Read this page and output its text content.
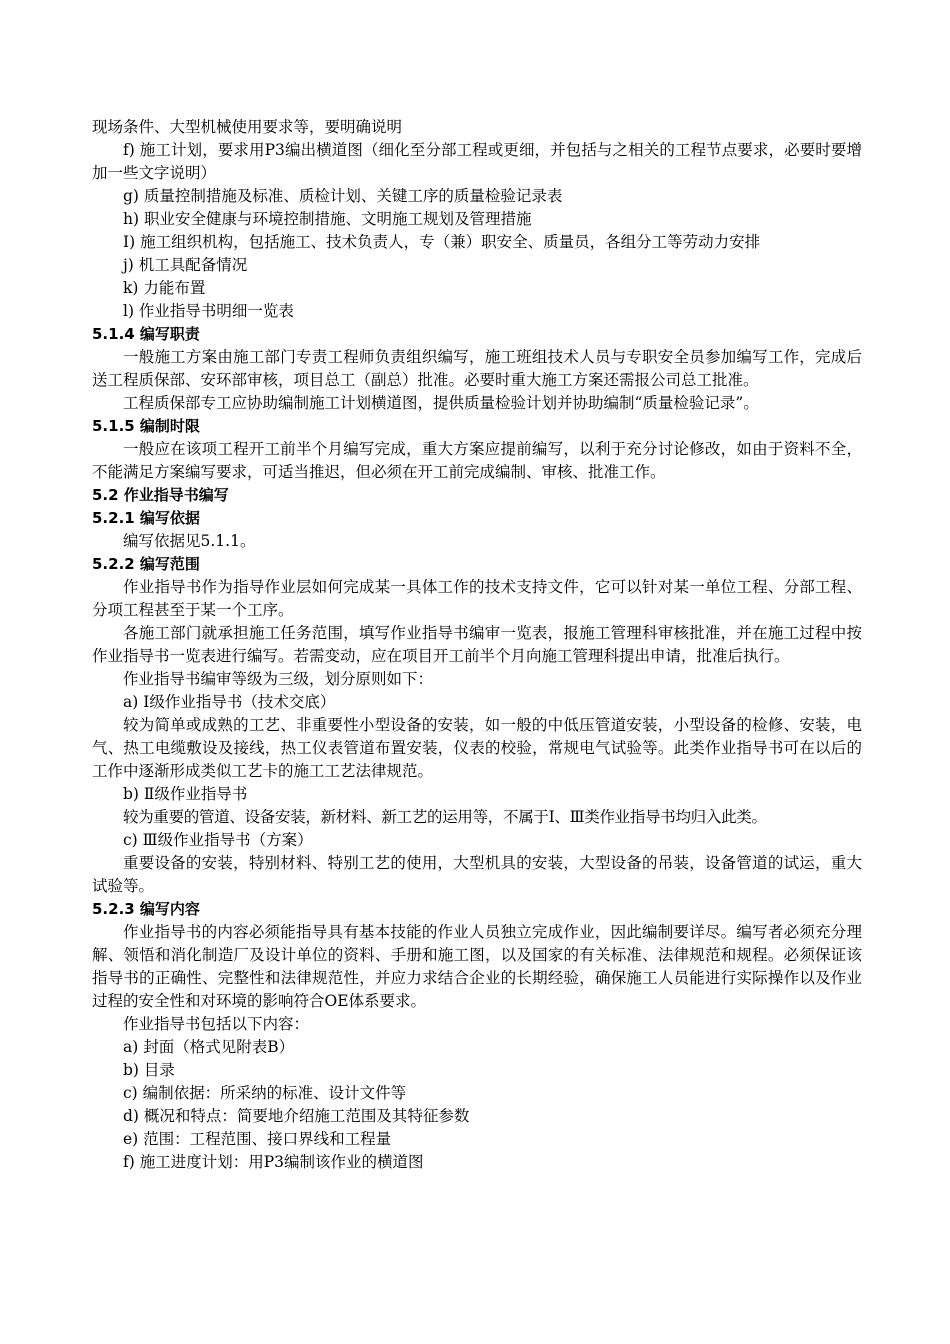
现场条件、大型机械使用要求等，要明确说明

f) 施工计划，要求用P3编出横道图（细化至分部工程或更细，并包括与之相关的工程节点要求，必要时要增加一些文字说明）

g) 质量控制措施及标准、质检计划、关键工序的质量检验记录表

h) 职业安全健康与环境控制措施、文明施工规划及管理措施

I) 施工组织机构，包括施工、技术负责人，专（兼）职安全、质量员，各组分工等劳动力安排

j) 机工具配备情况

k) 力能布置

l) 作业指导书明细一览表

5.1.4 编写职责

一般施工方案由施工部门专责工程师负责组织编写，施工班组技术人员与专职安全员参加编写工作，完成后送工程质保部、安环部审核，项目总工（副总）批准。必要时重大施工方案还需报公司总工批准。

工程质保部专工应协助编制施工计划横道图，提供质量检验计划并协助编制“质量检验记录”。

5.1.5 编制时限

一般应在该项工程开工前半个月编写完成，重大方案应提前编写，以利于充分讨论修改，如由于资料不全，不能满足方案编写要求，可适当推迟，但必须在开工前完成编制、审核、批准工作。

5.2 作业指导书编写

5.2.1 编写依据

编写依据见5.1.1。

5.2.2 编写范围

作业指导书作为指导作业层如何完成某一具体工作的技术支持文件，它可以针对某一单位工程、分部工程、分项工程甚至于某一个工序。

各施工部门就承担施工任务范围，填写作业指导书编审一览表，报施工管理科审核批准，并在施工过程中按作业指导书一览表进行编写。若需变动，应在项目开工前半个月向施工管理科提出申请，批准后执行。

作业指导书编审等级为三级，划分原则如下：

a) Ⅰ级作业指导书（技术交底）

较为简单或成熟的工艺、非重要性小型设备的安装，如一般的中低压管道安装，小型设备的检修、安装，电气、热工电缆敷设及接线，热工仪表管道布置安装，仪表的校验，常规电气试验等。此类作业指导书可在以后的工作中逐渐形成类似工艺卡的施工工艺法律规范。

b) Ⅱ级作业指导书

较为重要的管道、设备安装，新材料、新工艺的运用等，不属于Ⅰ、Ⅲ类作业指导书均归入此类。

c) Ⅲ级作业指导书（方案）

重要设备的安装，特别材料、特别工艺的使用，大型机具的安装，大型设备的吊装，设备管道的试运，重大试验等。

5.2.3 编写内容

作业指导书的内容必须能指导具有基本技能的作业人员独立完成作业，因此编制要详尽。编写者必须充分理解、领悟和消化制造厂及设计单位的资料、手册和施工图，以及国家的有关标准、法律规范和规程。必须保证该指导书的正确性、完整性和法律规范性，并应力求结合企业的长期经验，确保施工人员能进行实际操作以及作业过程的安全性和对环境的影响符合OE体系要求。

作业指导书包括以下内容：

a) 封面（格式见附表B）

b) 目录

c) 编制依据：所采纳的标准、设计文件等

d) 概况和特点：简要地介绍施工范围及其特征参数

e) 范围：工程范围、接口界线和工程量

f) 施工进度计划：用P3编制该作业的横道图
